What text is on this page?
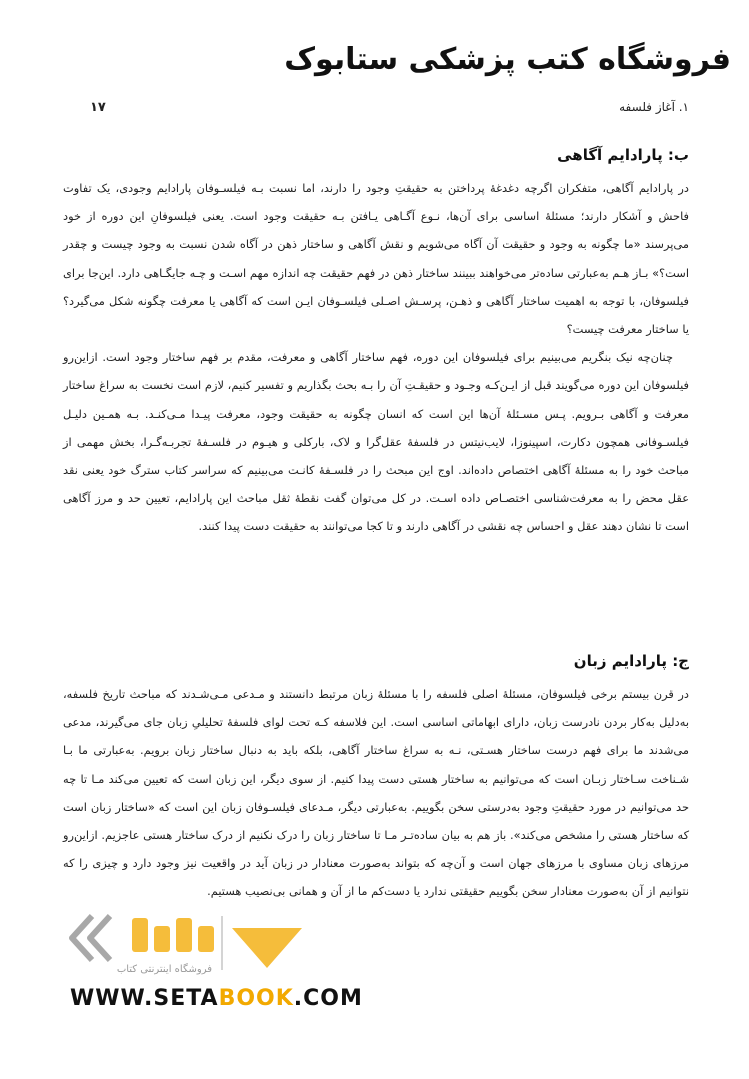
فروشگاه کتب پزشکی ستابوک
۱. آغاز فلسفه
۱۷
ب: پارادایم آگاهی

در پارادایم آگاهی، متفکران اگرچه دغدغهٔ پرداختن به حقیقتِ وجود را دارند، اما نسبت بـه فیلسـوفان پارادایم وجودی، یک تفاوت فاحش و آشکار دارند؛ مسئلهٔ اساسی برای آن‌ها، نـوع آگـاهی یـافتن بـه حقیقت وجود است. یعنی فیلسوفانِ این دوره از خود می‌پرسند «ما چگونه به وجود و حقیقت آن آگاه می‌شویم و نقش آگاهی و ساختار ذهن در آگاه شدن نسبت به وجود چیست و چقدر است؟» بـاز هـم به‌عبارتی ساده‌تر می‌خواهند ببینند ساختار ذهن در فهم حقیقت چه اندازه مهم اسـت و چـه جایگـاهی دارد. این‌جا برای فیلسوفان، با توجه به اهمیت ساختار آگاهی و ذهـن، پرسـش اصـلی فیلسـوفان ایـن است که آگاهی یا معرفت چگونه شکل می‌گیرد؟ یا ساختار معرفت چیست؟

چنان‌چه نیک بنگریم می‌بینیم برای فیلسوفان این دوره، فهم ساختار آگاهی و معرفت، مقدم بر فهم ساختار وجود است. ازاین‌رو فیلسوفان این دوره می‌گویند قبل از ایـن‌کـه وجـود و حقیقـتِ آن را بـه بحث بگذاریم و تفسیر کنیم، لازم است نخست به سراغ ساختار معرفت و آگاهی بـرویم. پـس مسـئلهٔ آن‌ها این است که انسان چگونه به حقیقت وجود، معرفت پیـدا مـی‌کنـد. بـه همـین دلیـل فیلسـوفانی همچون دکارت، اسپینوزا، لایب‌نیتس در فلسفهٔ عقل‌گرا و لاک، بارکلی و هیـوم در فلسـفهٔ تجربـه‌گـرا، بخش مهمی از مباحث خود را به مسئلهٔ آگاهی اختصاص داده‌اند. اوج این مبحث را در فلسـفهٔ کانـت می‌بینیم که سراسر کتاب سترگ خود یعنی نقد عقل محض را به معرفت‌شناسی اختصـاص داده اسـت. در کل می‌توان گفت نقطهٔ ثقل مباحث این پارادایم، تعیین حد و مرز آگاهی است تا نشان دهند عقل و احساس چه نقشی در آگاهی دارند و تا کجا می‌توانند به حقیقت دست پیدا کنند.

ج: پارادایم زبان

در قرن بیستم برخی فیلسوفان، مسئلهٔ اصلی فلسفه را با مسئلهٔ زبان مرتبط دانستند و مـدعی مـی‌شـدند که مباحث تاریخ فلسفه، به‌دلیل به‌کار بردن نادرست زبان، دارای ابهاماتی اساسی است. این فلاسفه کـه تحت لوای فلسفهٔ تحلیلیِ زبان جای می‌گیرند، مدعی می‌شدند ما برای فهم درست ساختار هسـتی، نـه به سراغ ساختار آگاهی، بلکه باید به دنبال ساختار زبان برویم. به‌عبارتی ما بـا شـناخت سـاختار زبـان است که می‌توانیم به ساختار هستی دست پیدا کنیم. از سوی دیگر، این زبان است که تعیین می‌کند مـا تا چه حد می‌توانیم در مورد حقیقتِ وجود به‌درستی سخن بگوییم. به‌عبارتی دیگر، مـدعای فیلسـوفان زبان این است که «ساختار زبان است که ساختار هستی را مشخص می‌کند». باز هم به بیان ساده‌تـر مـا تا ساختار زبان را درک نکنیم از درک ساختار هستی عاجزیم. ازاین‌رو مرزهای زبان مساوی با مرزهای جهان است و آن‌چه که بتواند به‌صورت معنادار در زبان آید در واقعیت نیز وجود دارد و چیزی را که نتوانیم از آن به‌صورت معنادار سخن بگوییم حقیقتی ندارد یا دست‌کم ما از آن و همانی بی‌نصیب هستیم.

فروشگاه اینترنتی کتاب
WWW.SETABOOK.COM
